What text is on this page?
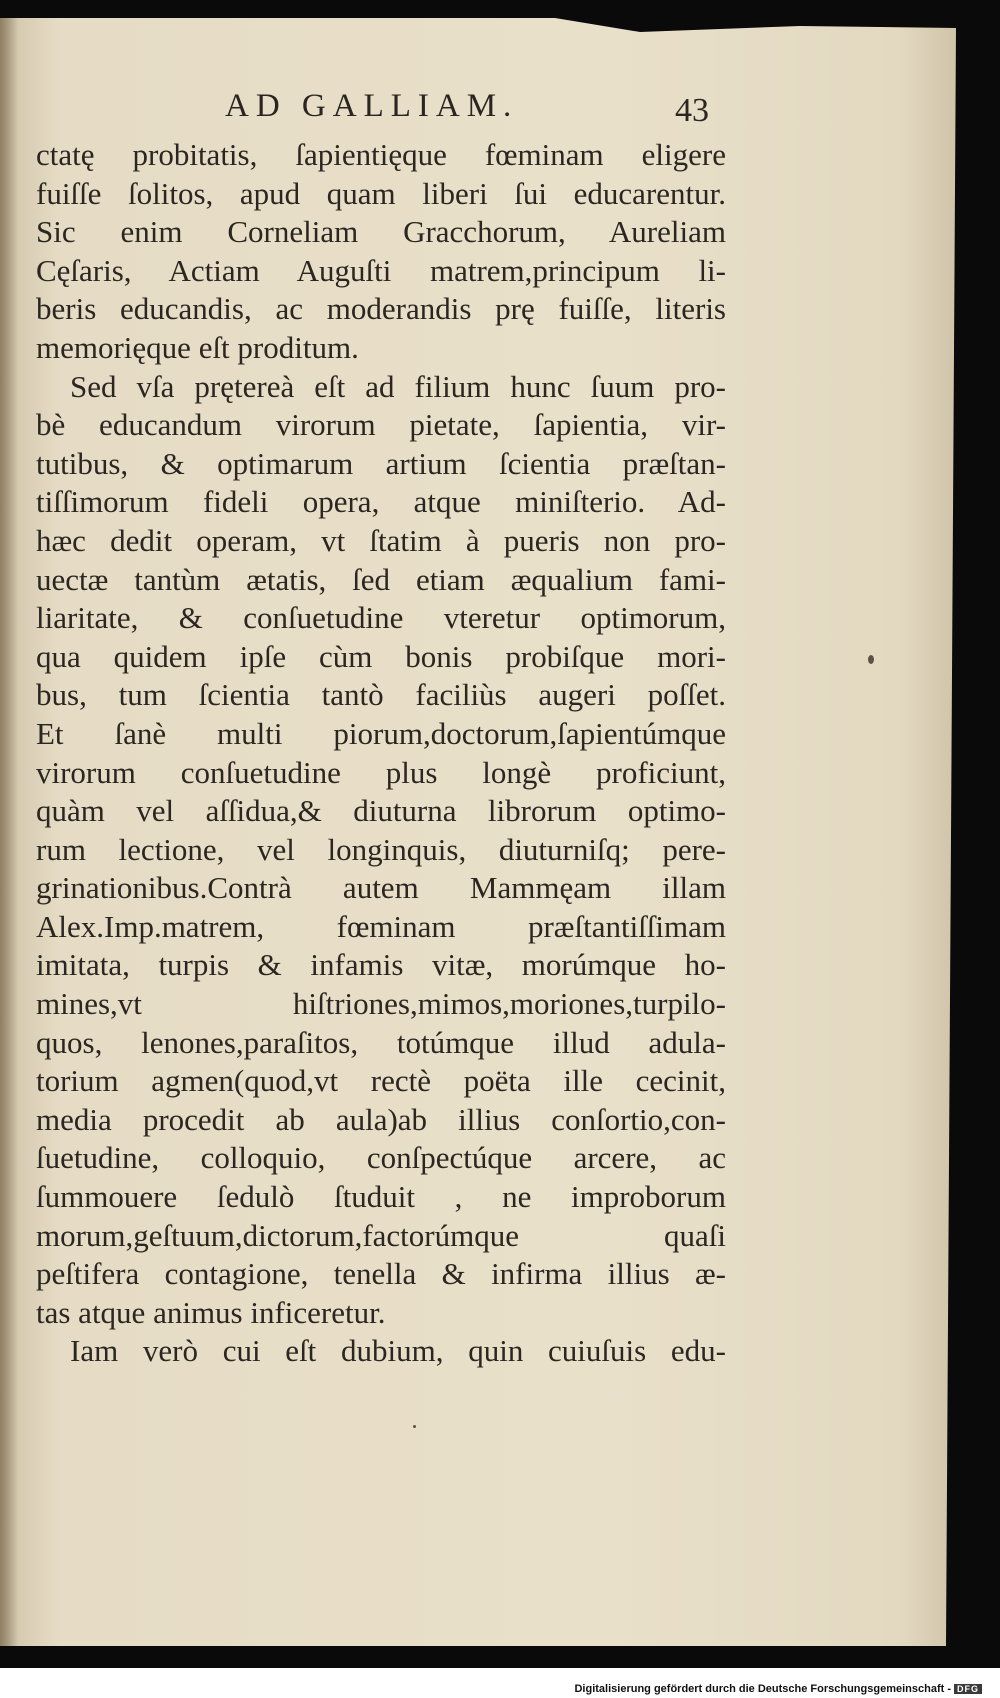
AD GALLIAM.	43
ctatę probitatis, ſapientięque fœminam eligere
fuiſſe ſolitos, apud quam liberi ſui educarentur.
Sic enim Corneliam Gracchorum, Aureliam
Cęſaris, Actiam Auguſti matrem,principum li-
beris educandis, ac moderandis prę fuiſſe, literis
memorięque eſt proditum.
Sed vſa prętereà eſt ad filium hunc ſuum pro-
bè educandum virorum pietate, ſapientia, vir-
tutibus, & optimarum artium ſcientia præſtan-
tiſſimorum fideli opera, atque miniſterio. Ad-
hæc dedit operam, vt ſtatim à pueris non pro-
uectæ tantùm ætatis, ſed etiam æqualium fami-
liaritate, & conſuetudine vteretur optimorum,
qua quidem ipſe cùm bonis probiſque mori-
bus, tum ſcientia tantò faciliùs augeri poſſet.
Et ſanè multi piorum,doctorum,ſapientúmque
virorum conſuetudine plus longè proficiunt,
quàm vel aſſidua,& diuturna librorum optimo-
rum lectione, vel longinquis, diuturniſq; pere-
grinationibus.Contrà autem Mammęam illam
Alex.Imp.matrem, fœminam præſtantiſſimam
imitata, turpis & infamis vitæ, morúmque ho-
mines,vt hiſtriones,mimos,moriones,turpilo-
quos, lenones,paraſitos, totúmque illud adula-
torium agmen(quod,vt rectè poëta ille cecinit,
media procedit ab aula)ab illius conſortio,con-
ſuetudine, colloquio, conſpectúque arcere, ac
ſummouere ſedulò ſtuduit , ne improborum
morum,geſtuum,dictorum,factorúmque quaſi
peſtifera contagione, tenella & infirma illius æ-
tas atque animus inficeretur.
Iam verò cui eſt dubium, quin cuiuſuis edu-
Digitalisierung gefördert durch die Deutsche Forschungsgemeinschaft - DFG
